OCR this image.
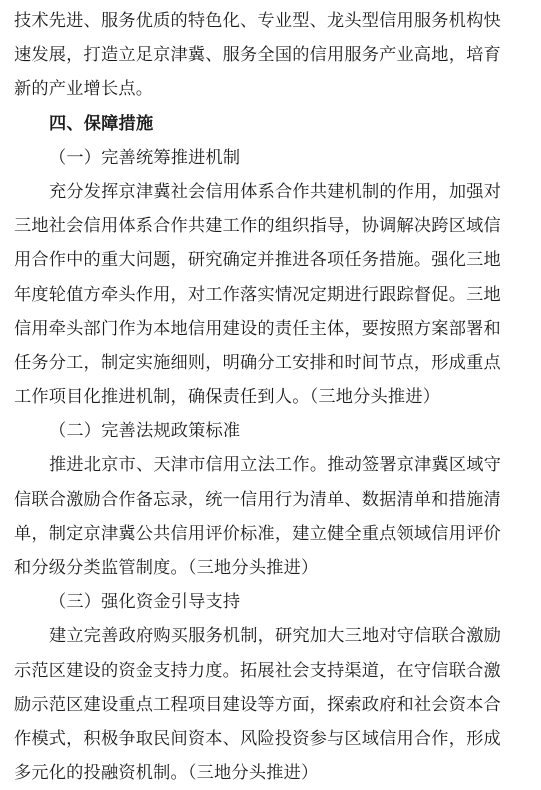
技术先进、服务优质的特色化、专业型、龙头型信用服务机构快
速发展，打造立足京津冀、服务全国的信用服务产业高地，培育
新的产业增长点。
四、保障措施
（一）完善统筹推进机制
充分发挥京津冀社会信用体系合作共建机制的作用，加强对
三地社会信用体系合作共建工作的组织指导，协调解决跨区域信
用合作中的重大问题，研究确定并推进各项任务措施。强化三地
年度轮值方牵头作用，对工作落实情况定期进行跟踪督促。三地
信用牵头部门作为本地信用建设的责任主体，要按照方案部署和
任务分工，制定实施细则，明确分工安排和时间节点，形成重点
工作项目化推进机制，确保责任到人。（三地分头推进）
（二）完善法规政策标准
推进北京市、天津市信用立法工作。推动签署京津冀区域守
信联合激励合作备忘录，统一信用行为清单、数据清单和措施清
单，制定京津冀公共信用评价标准，建立健全重点领域信用评价
和分级分类监管制度。（三地分头推进）
（三）强化资金引导支持
建立完善政府购买服务机制，研究加大三地对守信联合激励
示范区建设的资金支持力度。拓展社会支持渠道，在守信联合激
励示范区建设重点工程项目建设等方面，探索政府和社会资本合
作模式，积极争取民间资本、风险投资参与区域信用合作，形成
多元化的投融资机制。（三地分头推进）
